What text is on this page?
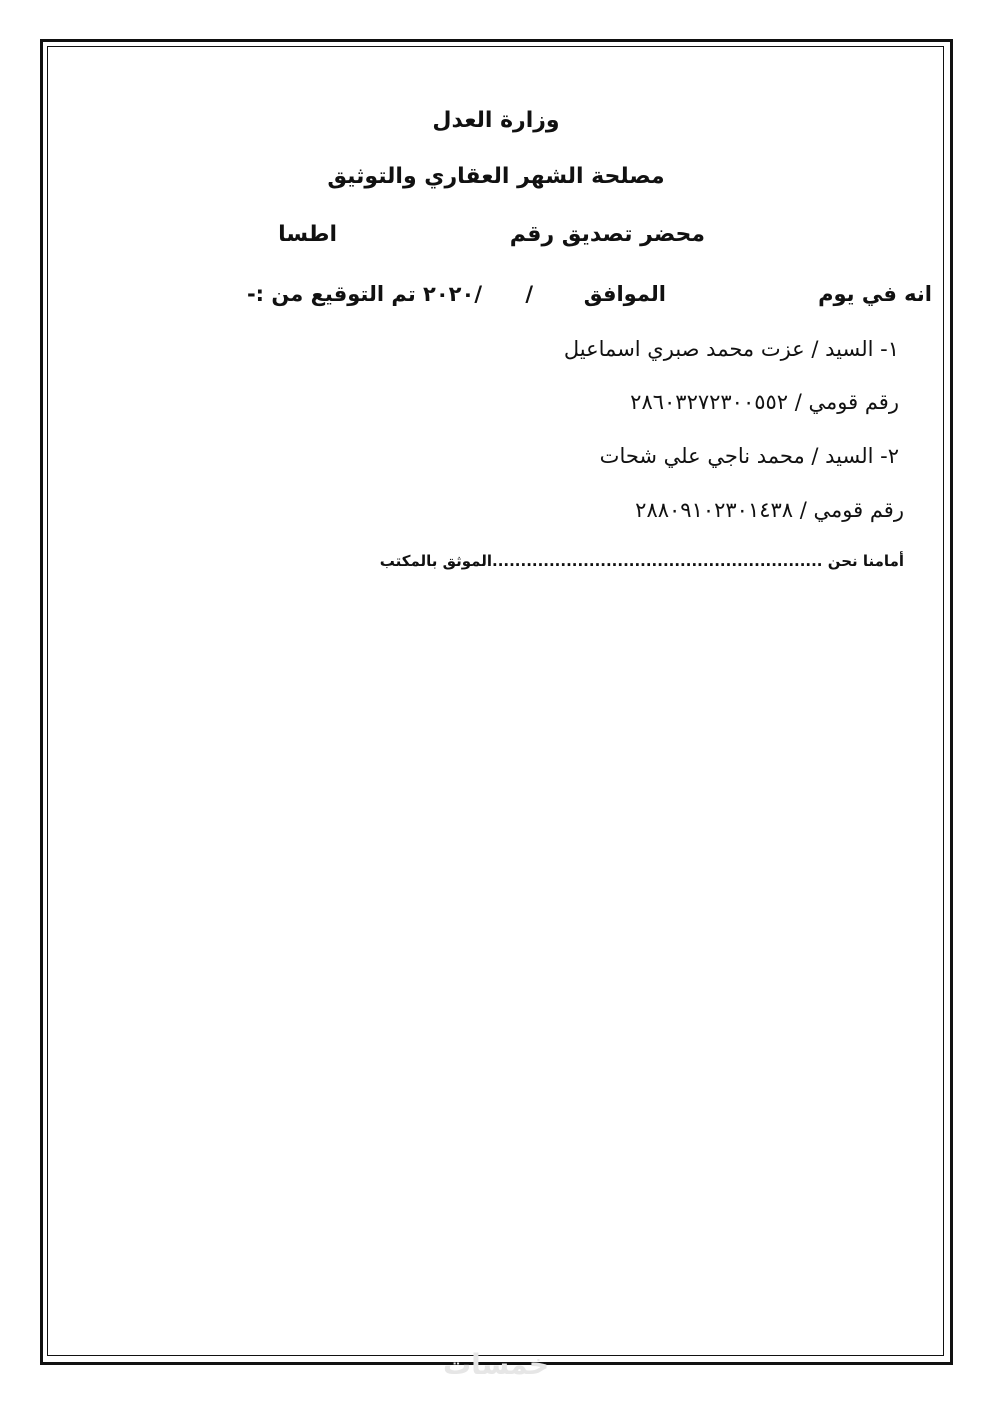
وزارة العدل
مصلحة الشهر العقاري والتوثيق
محضر تصديق رقم
اطسا
انه في يوم
الموافق
/
/٢٠٢٠ تم التوقيع من :-
١- السيد / عزت محمد صبري اسماعيل
رقم قومي / ٢٨٦٠٣٢٧٢٣٠٠٥٥٢
٢- السيد / محمد ناجي علي شحات
رقم قومي / ٢٨٨٠٩١٠٢٣٠١٤٣٨
أمامنا نحن ..........................................................الموثق بالمكتب
خمسات
